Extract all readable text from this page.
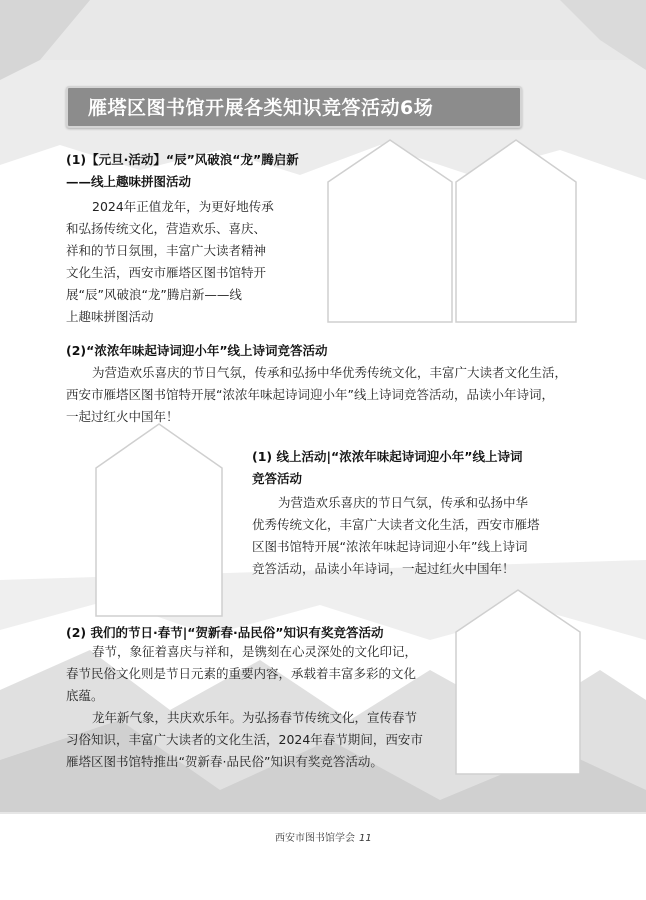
雁塔区图书馆开展各类知识竞答活动6场
(1)【元旦·活动】“辰”风破浪“龙”腾启新
——线上趣味拼图活动

2024年正值龙年，为更好地传承

和弘扬传统文化，营造欢乐、喜庆、

祥和的节日氛围，丰富广大读者精神

文化生活，西安市雁塔区图书馆特开

展“辰”风破浪“龙”腾启新——线

上趣味拼图活动

(2)“浓浓年味起诗词迎小年”线上诗词竞答活动

为营造欢乐喜庆的节日气氛，传承和弘扬中华优秀传统文化，丰富广大读者文化生活，

西安市雁塔区图书馆特开展“浓浓年味起诗词迎小年”线上诗词竞答活动，品读小年诗词，

一起过红火中国年！

(1) 线上活动|“浓浓年味起诗词迎小年”线上诗词
竞答活动

为营造欢乐喜庆的节日气氛，传承和弘扬中华

优秀传统文化，丰富广大读者文化生活，西安市雁塔

区图书馆特开展“浓浓年味起诗词迎小年”线上诗词

竞答活动，品读小年诗词，一起过红火中国年！

(2) 我们的节日·春节|“贺新春·品民俗”知识有奖竞答活动

春节，象征着喜庆与祥和，是镌刻在心灵深处的文化印记，

春节民俗文化则是节日元素的重要内容，承载着丰富多彩的文化

底蕴。

龙年新气象，共庆欢乐年。为弘扬春节传统文化，宣传春节

习俗知识，丰富广大读者的文化生活，2024年春节期间，西安市

雁塔区图书馆特推出“贺新春·品民俗”知识有奖竞答活动。

西安市图书馆学会 11
